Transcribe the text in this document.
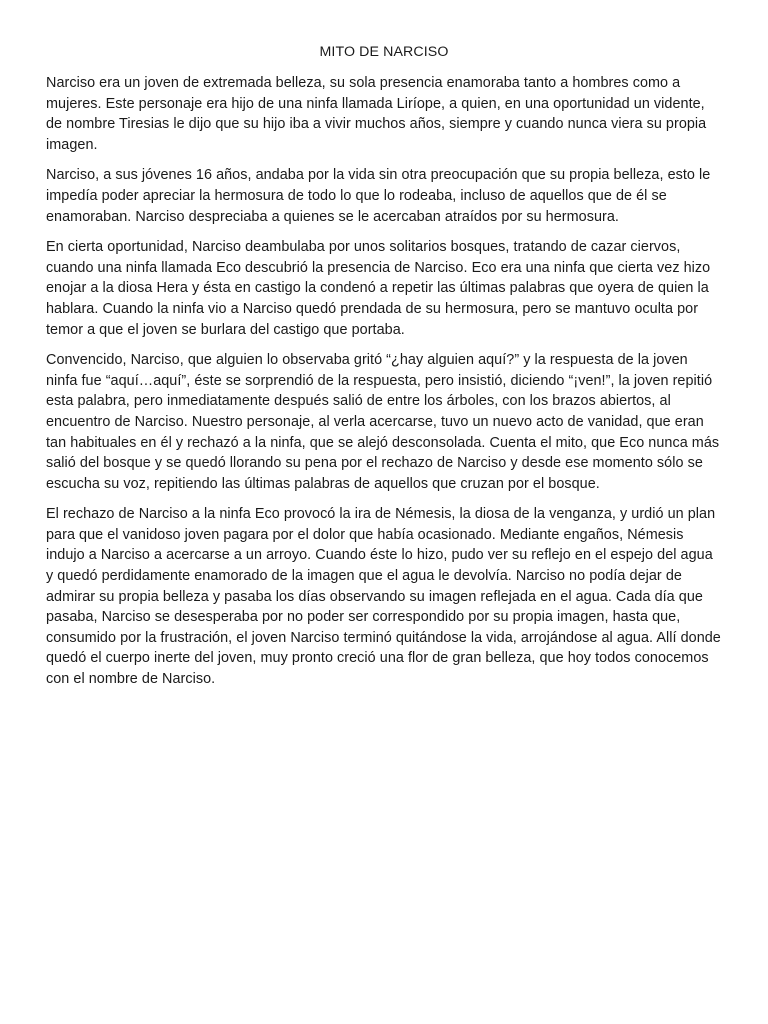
MITO DE NARCISO

Narciso era un joven de extremada belleza, su sola presencia enamoraba tanto a hombres como a mujeres. Este personaje era hijo de una ninfa llamada Liríope, a quien, en una oportunidad un vidente, de nombre Tiresias le dijo que su hijo iba a vivir muchos años, siempre y cuando nunca viera su propia imagen.

Narciso, a sus jóvenes 16 años, andaba por la vida sin otra preocupación que su propia belleza, esto le impedía poder apreciar la hermosura de todo lo que lo rodeaba, incluso de aquellos que de él se enamoraban. Narciso despreciaba a quienes se le acercaban atraídos por su hermosura.

En cierta oportunidad, Narciso deambulaba por unos solitarios bosques, tratando de cazar ciervos, cuando una ninfa llamada Eco descubrió la presencia de Narciso. Eco era una ninfa que cierta vez hizo enojar a la diosa Hera y ésta en castigo la condenó a repetir las últimas palabras que oyera de quien la hablara. Cuando la ninfa vio a Narciso quedó prendada de su hermosura, pero se mantuvo oculta por temor a que el joven se burlara del castigo que portaba.

Convencido, Narciso, que alguien lo observaba gritó “¿hay alguien aquí?” y la respuesta de la joven ninfa fue “aquí…aquí”, éste se sorprendió de la respuesta, pero insistió, diciendo “¡ven!”, la joven repitió esta palabra, pero inmediatamente después salió de entre los árboles, con los brazos abiertos, al encuentro de Narciso. Nuestro personaje, al verla acercarse, tuvo un nuevo acto de vanidad, que eran tan habituales en él y rechazó a la ninfa, que se alejó desconsolada. Cuenta el mito, que Eco nunca más salió del bosque y se quedó llorando su pena por el rechazo de Narciso y desde ese momento sólo se escucha su voz, repitiendo las últimas palabras de aquellos que cruzan por el bosque.

El rechazo de Narciso a la ninfa Eco provocó la ira de Némesis, la diosa de la venganza, y urdió un plan para que el vanidoso joven pagara por el dolor que había ocasionado. Mediante engaños, Némesis indujo a Narciso a acercarse a un arroyo. Cuando éste lo hizo, pudo ver su reflejo en el espejo del agua y quedó perdidamente enamorado de la imagen que el agua le devolvía. Narciso no podía dejar de admirar su propia belleza y pasaba los días observando su imagen reflejada en el agua. Cada día que pasaba, Narciso se desesperaba por no poder ser correspondido por su propia imagen, hasta que, consumido por la frustración, el joven Narciso terminó quitándose la vida, arrojándose al agua. Allí donde quedó el cuerpo inerte del joven, muy pronto creció una flor de gran belleza, que hoy todos conocemos con el nombre de Narciso.
